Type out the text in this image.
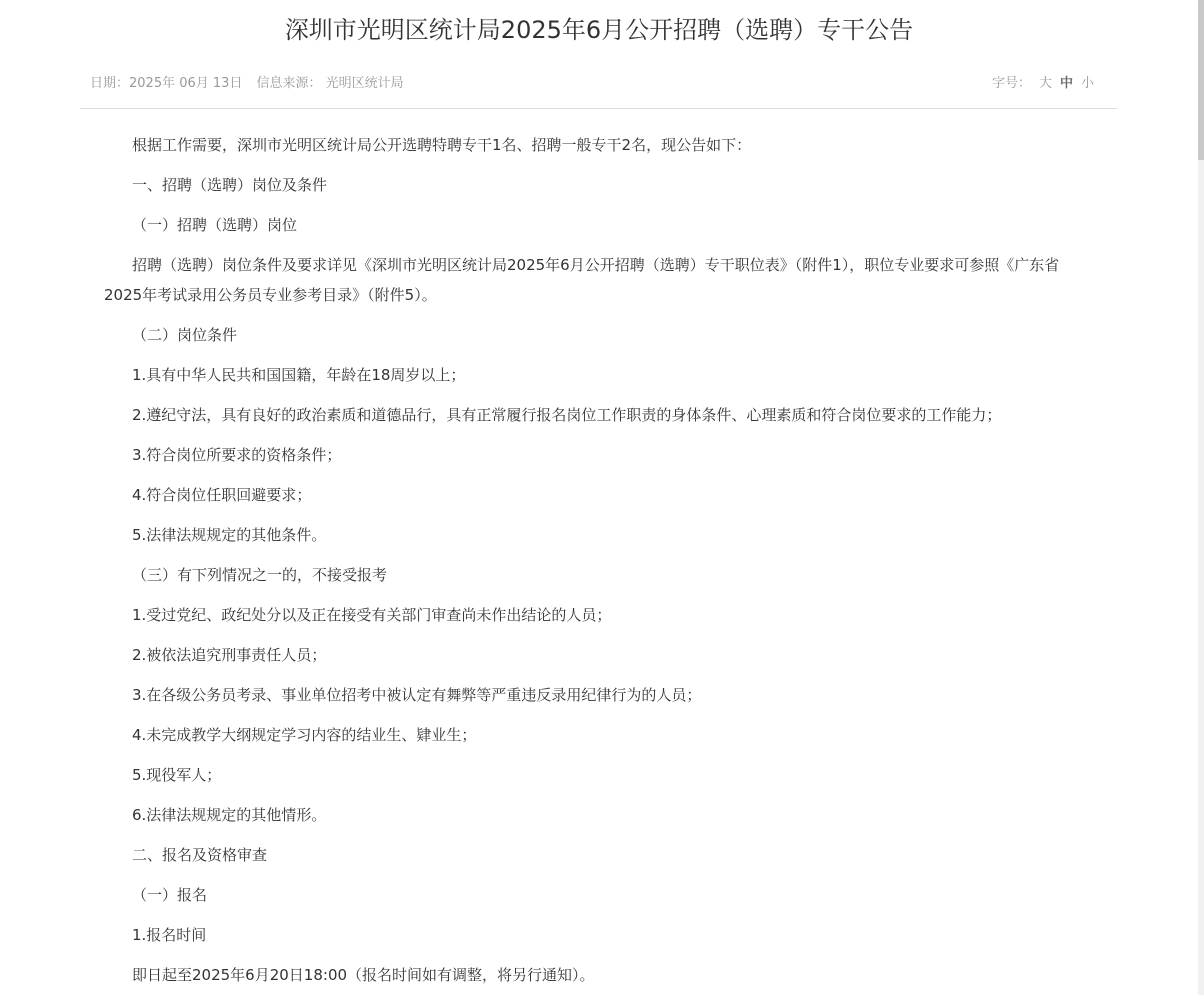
深圳市光明区统计局2025年6月公开招聘（选聘）专干公告
日期：2025年 06月 13日 信息来源： 光明区统计局	字号： 大 中 小

根据工作需要，深圳市光明区统计局公开选聘特聘专干1名、招聘一般专干2名，现公告如下：

一、招聘（选聘）岗位及条件

（一）招聘（选聘）岗位

招聘（选聘）岗位条件及要求详见《深圳市光明区统计局2025年6月公开招聘（选聘）专干职位表》（附件1），职位专业要求可参照《广东省2025年考试录用公务员专业参考目录》（附件5）。

（二）岗位条件

1.具有中华人民共和国国籍，年龄在18周岁以上；

2.遵纪守法，具有良好的政治素质和道德品行，具有正常履行报名岗位工作职责的身体条件、心理素质和符合岗位要求的工作能力；

3.符合岗位所要求的资格条件；

4.符合岗位任职回避要求；

5.法律法规规定的其他条件。

（三）有下列情况之一的，不接受报考

1.受过党纪、政纪处分以及正在接受有关部门审查尚未作出结论的人员；

2.被依法追究刑事责任人员；

3.在各级公务员考录、事业单位招考中被认定有舞弊等严重违反录用纪律行为的人员；

4.未完成教学大纲规定学习内容的结业生、肄业生；

5.现役军人；

6.法律法规规定的其他情形。

二、报名及资格审查

（一）报名

1.报名时间

即日起至2025年6月20日18:00（报名时间如有调整，将另行通知）。
